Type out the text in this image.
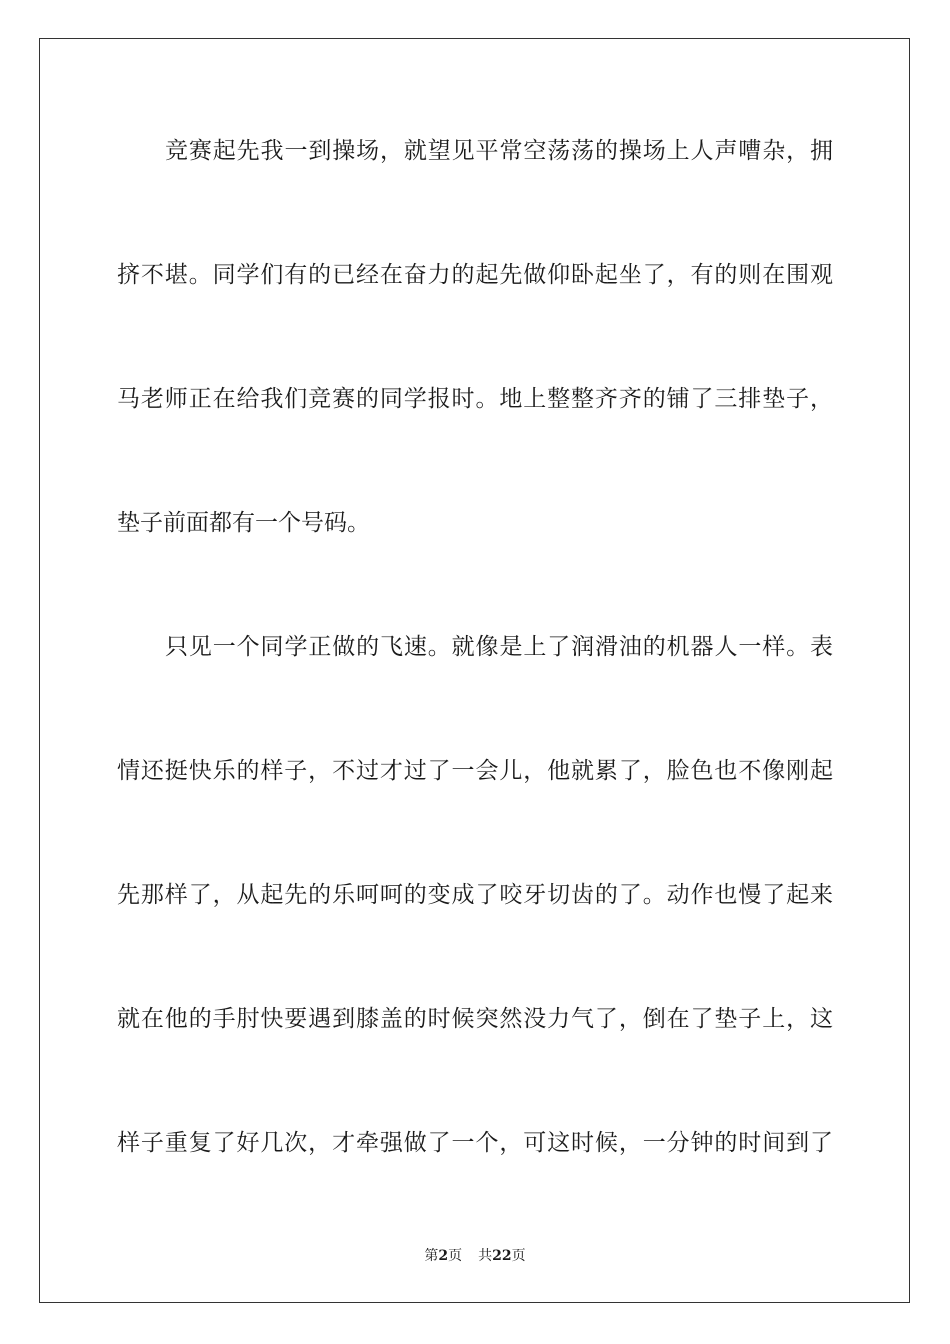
竞赛起先我一到操场，就望见平常空荡荡的操场上人声嘈杂，拥
挤不堪。同学们有的已经在奋力的起先做仰卧起坐了，有的则在围观
马老师正在给我们竞赛的同学报时。地上整整齐齐的铺了三排垫子，
垫子前面都有一个号码。
只见一个同学正做的飞速。就像是上了润滑油的机器人一样。表
情还挺快乐的样子，不过才过了一会儿，他就累了，脸色也不像刚起
先那样了，从起先的乐呵呵的变成了咬牙切齿的了。动作也慢了起来
就在他的手肘快要遇到膝盖的时候突然没力气了，倒在了垫子上，这
样子重复了好几次，才牵强做了一个，可这时候，一分钟的时间到了
第2页 共22页
